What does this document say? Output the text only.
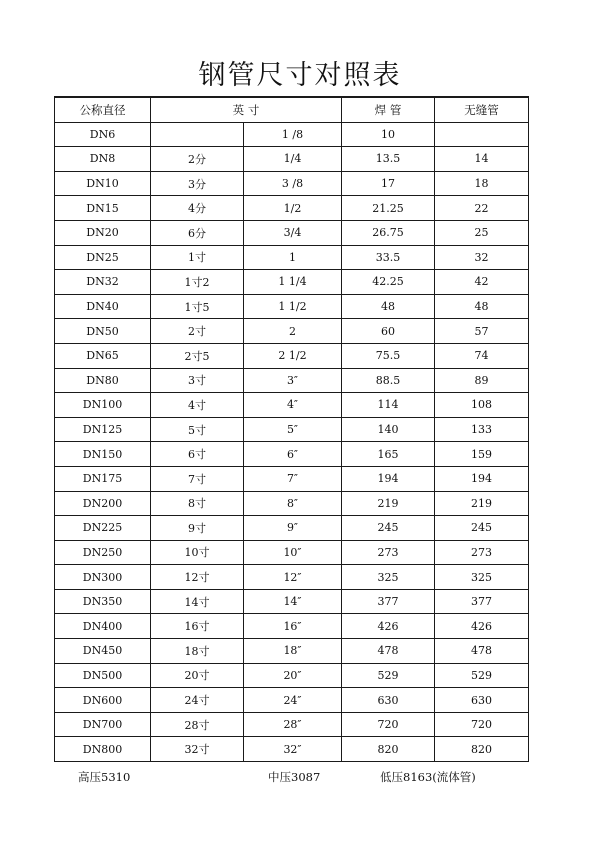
钢管尺寸对照表
公称直径	英 寸		焊 管	无缝管
DN6		1 /8	10	
DN8	2分	1/4	13.5	14
DN10	3分	3 /8	17	18
DN15	4分	1/2	21.25	22
DN20	6分	3/4	26.75	25
DN25	1寸	1	33.5	32
DN32	1寸2	1 1/4	42.25	42
DN40	1寸5	1 1/2	48	48
DN50	2寸	2	60	57
DN65	2寸5	2 1/2	75.5	74
DN80	3寸	3″	88.5	89
DN100	4寸	4″	114	108
DN125	5寸	5″	140	133
DN150	6寸	6″	165	159
DN175	7寸	7″	194	194
DN200	8寸	8″	219	219
DN225	9寸	9″	245	245
DN250	10寸	10″	273	273
DN300	12寸	12″	325	325
DN350	14寸	14″	377	377
DN400	16寸	16″	426	426
DN450	18寸	18″	478	478
DN500	20寸	20″	529	529
DN600	24寸	24″	630	630
DN700	28寸	28″	720	720
DN800	32寸	32″	820	820
高压5310	中压3087	低压8163(流体管)
